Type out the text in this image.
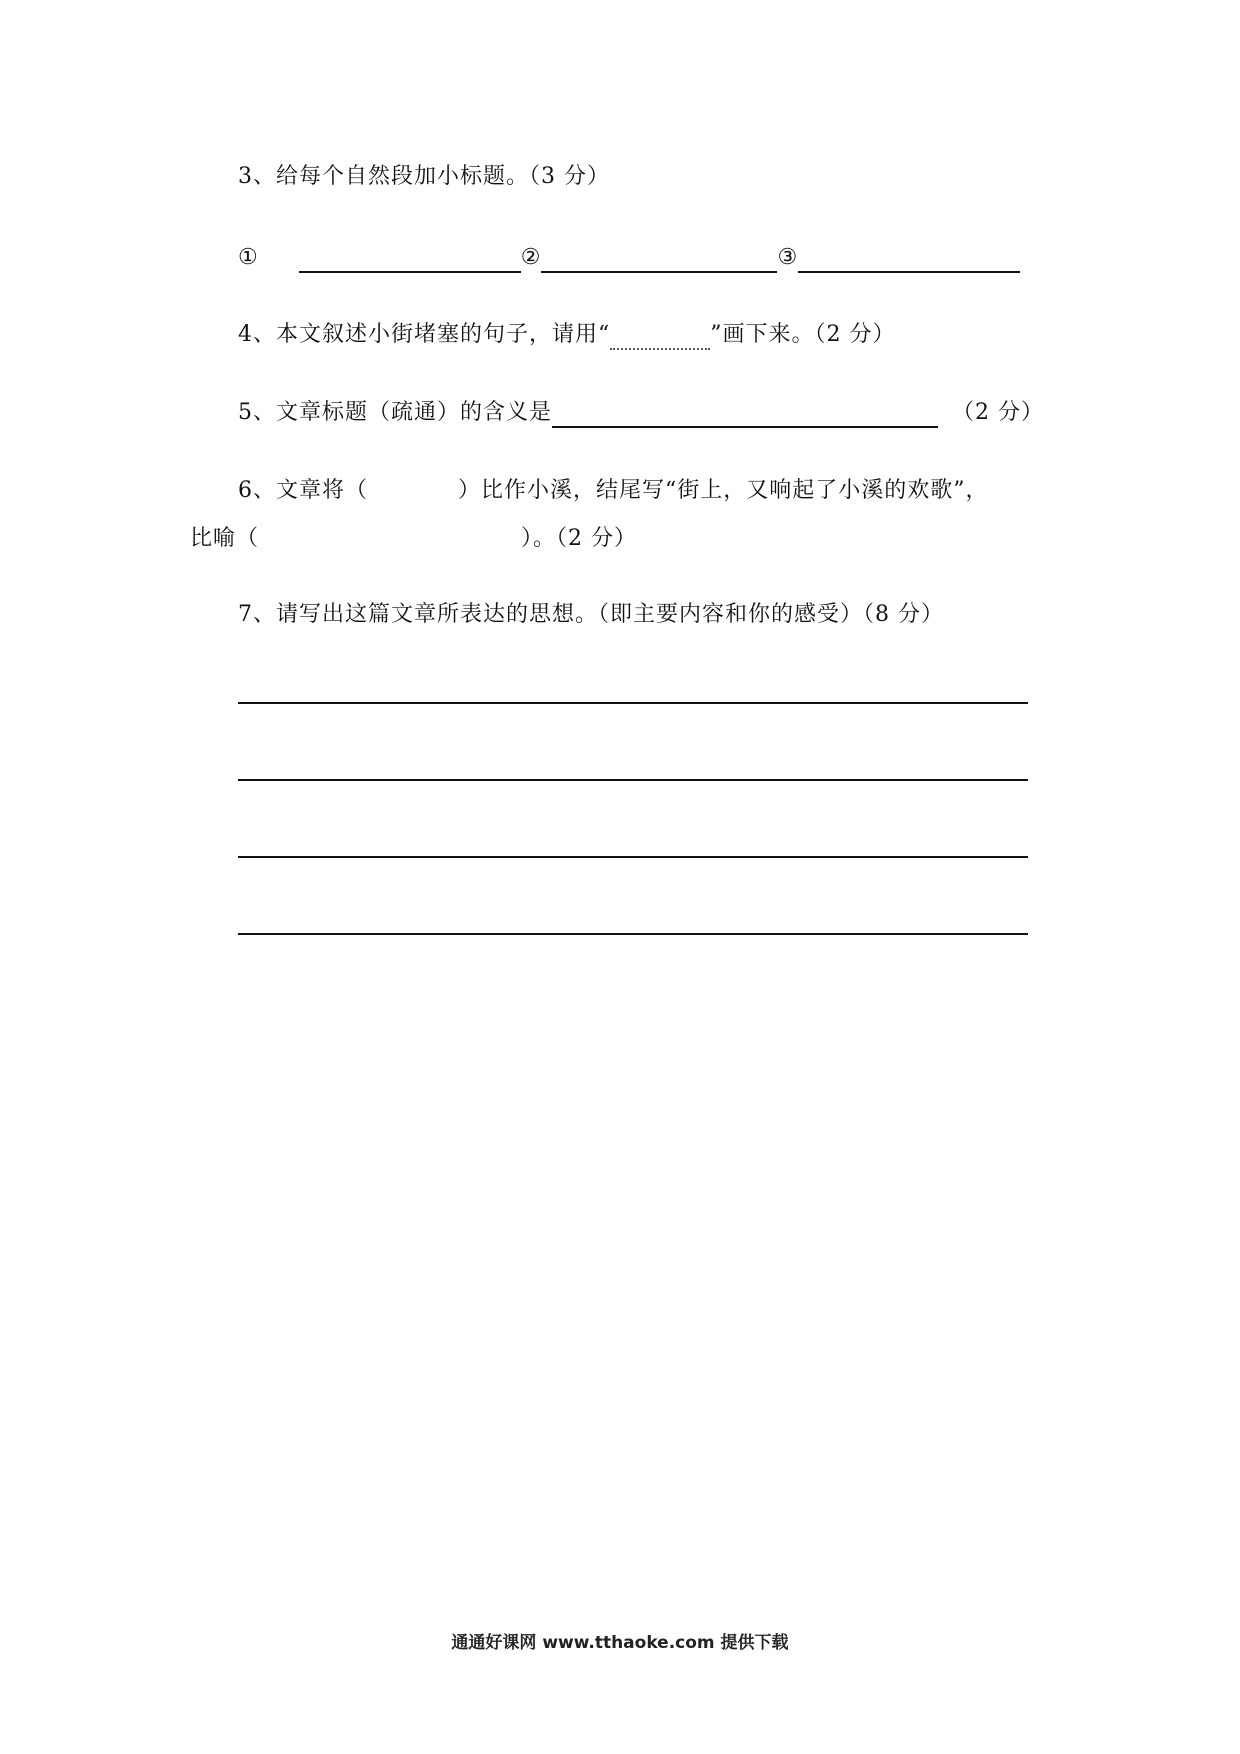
3、给每个自然段加小标题。（3 分）
①	②	③
4、本文叙述小街堵塞的句子，请用“	”画下来。（2 分）
5、文章标题（疏通）的含义是	（2 分）
6、文章将（	）比作小溪，结尾写“街上，又响起了小溪的欢歌”，
比喻（	）。（2 分）
7、请写出这篇文章所表达的思想。（即主要内容和你的感受）（8 分）
通通好课网 www.tthaoke.com 提供下载
